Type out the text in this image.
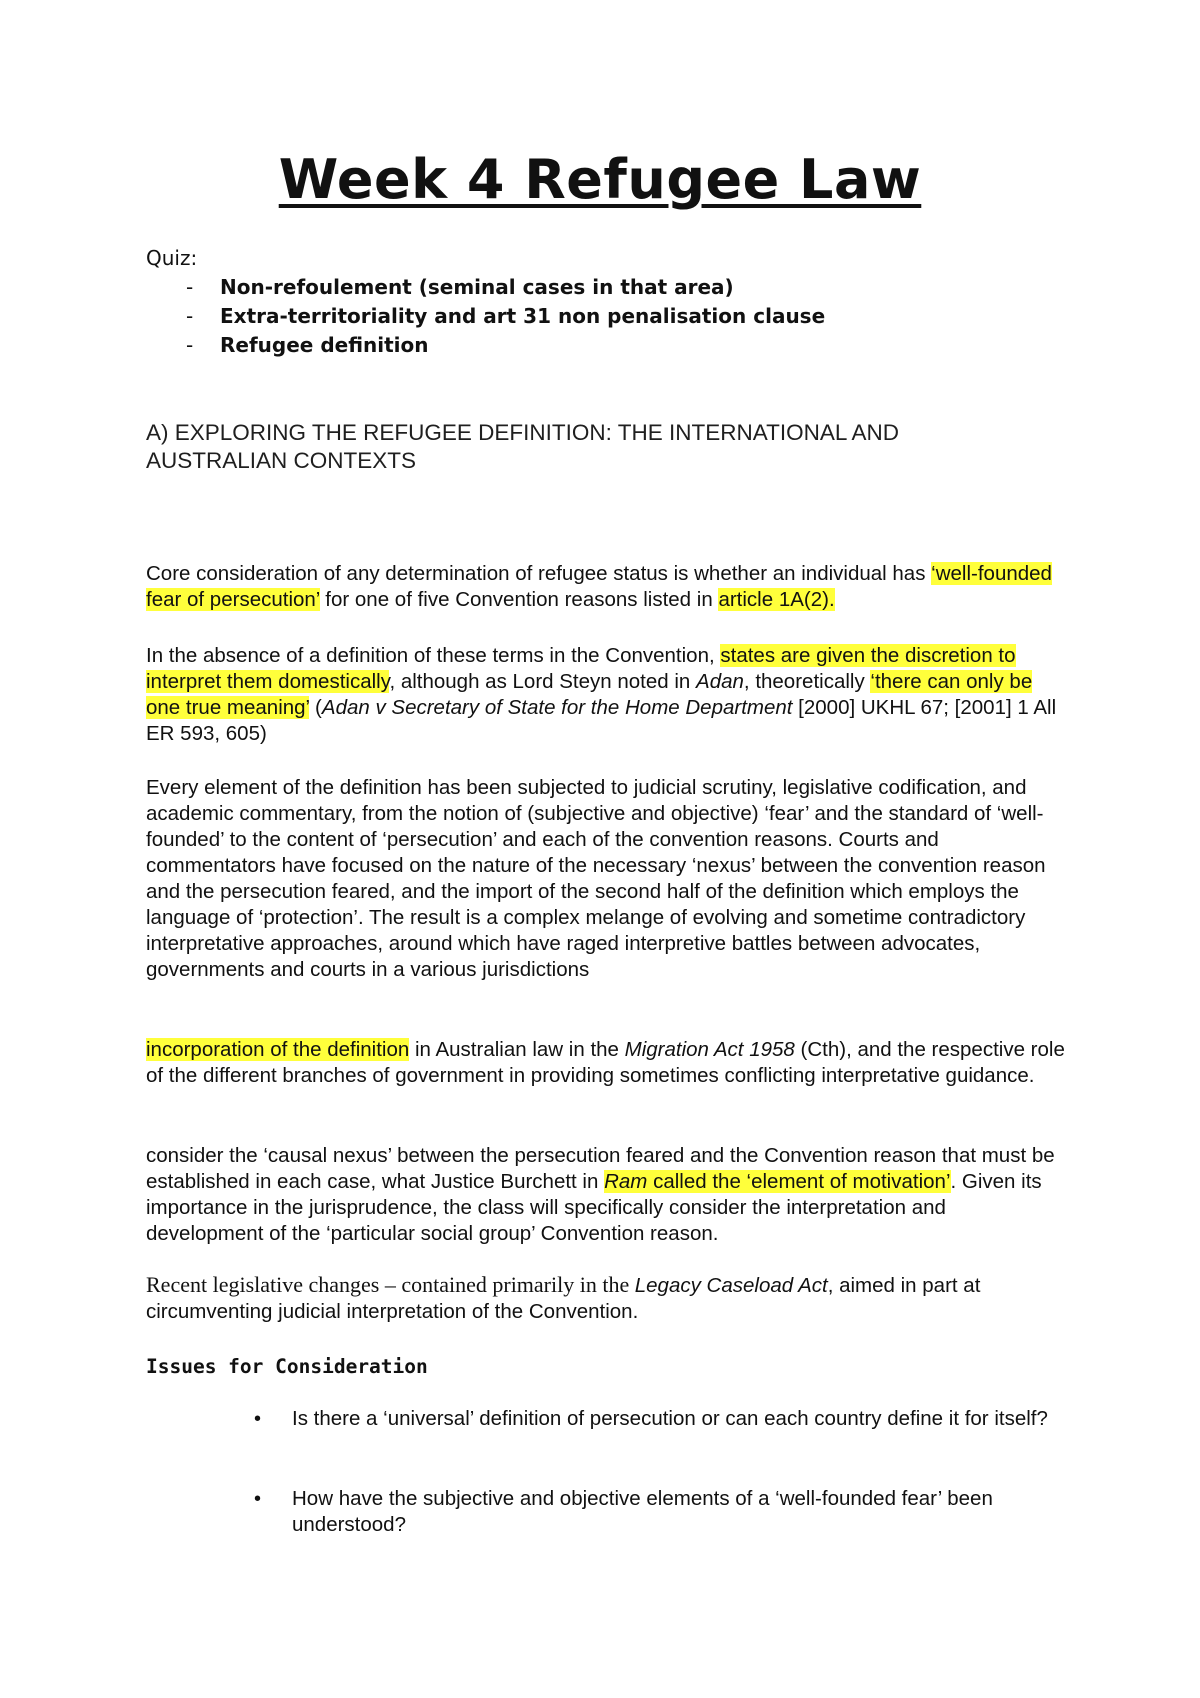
Week 4 Refugee Law
Quiz:
- Non-refoulement (seminal cases in that area)
- Extra-territoriality and art 31 non penalisation clause
- Refugee definition
A) EXPLORING THE REFUGEE DEFINITION: THE INTERNATIONAL AND
AUSTRALIAN CONTEXTS
Core consideration of any determination of refugee status is whether an individual has ‘well-founded fear of persecution’ for one of five Convention reasons listed in article 1A(2).
In the absence of a definition of these terms in the Convention, states are given the discretion to interpret them domestically, although as Lord Steyn noted in Adan, theoretically ‘there can only be one true meaning’ (Adan v Secretary of State for the Home Department [2000] UKHL 67; [2001] 1 All ER 593, 605)
Every element of the definition has been subjected to judicial scrutiny, legislative codification, and academic commentary, from the notion of (subjective and objective) ‘fear’ and the standard of ‘well-founded’ to the content of ‘persecution’ and each of the convention reasons. Courts and commentators have focused on the nature of the necessary ‘nexus’ between the convention reason and the persecution feared, and the import of the second half of the definition which employs the language of ‘protection’. The result is a complex melange of evolving and sometime contradictory interpretative approaches, around which have raged interpretive battles between advocates, governments and courts in a various jurisdictions
incorporation of the definition in Australian law in the Migration Act 1958 (Cth), and the respective role of the different branches of government in providing sometimes conflicting interpretative guidance.
consider the ‘causal nexus’ between the persecution feared and the Convention reason that must be established in each case, what Justice Burchett in Ram called the ‘element of motivation’. Given its importance in the jurisprudence, the class will specifically consider the interpretation and development of the ‘particular social group’ Convention reason.
Recent legislative changes – contained primarily in the Legacy Caseload Act, aimed in part at circumventing judicial interpretation of the Convention.
Issues for Consideration
• Is there a ‘universal’ definition of persecution or can each country define it for itself?
• How have the subjective and objective elements of a ‘well-founded fear’ been understood?
